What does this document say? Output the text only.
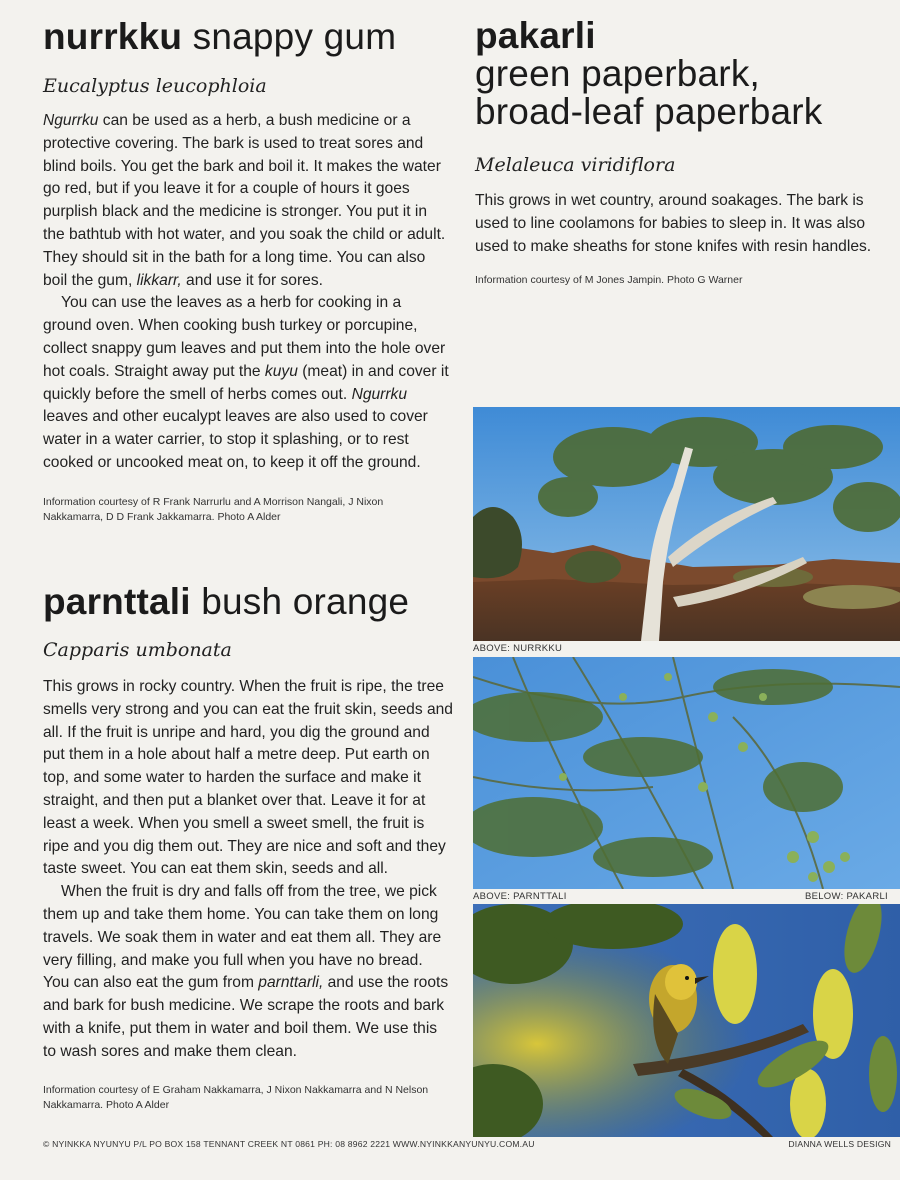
nurrkku snappy gum

Eucalyptus leucophloia

Ngurrku can be used as a herb, a bush medicine or a protective covering. The bark is used to treat sores and blind boils. You get the bark and boil it. It makes the water go red, but if you leave it for a couple of hours it goes purplish black and the medicine is stronger. You put it in the bathtub with hot water, and you soak the child or adult. They should sit in the bath for a long time. You can also boil the gum, likkarr, and use it for sores.

You can use the leaves as a herb for cooking in a ground oven. When cooking bush turkey or porcupine, collect snappy gum leaves and put them into the hole over hot coals. Straight away put the kuyu (meat) in and cover it quickly before the smell of herbs comes out. Ngurrku leaves and other eucalypt leaves are also used to cover water in a water carrier, to stop it splashing, or to rest cooked or uncooked meat on, to keep it off the ground.

Information courtesy of R Frank Narrurlu and A Morrison Nangali, J Nixon Nakkamarra, D D Frank Jakkamarra. Photo A Alder

parnttali bush orange

Capparis umbonata

This grows in rocky country. When the fruit is ripe, the tree smells very strong and you can eat the fruit skin, seeds and all. If the fruit is unripe and hard, you dig the ground and put them in a hole about half a metre deep. Put earth on top, and some water to harden the surface and make it straight, and then put a blanket over that. Leave it for at least a week. When you smell a sweet smell, the fruit is ripe and you dig them out. They are nice and soft and they taste sweet. You can eat them skin, seeds and all.

When the fruit is dry and falls off from the tree, we pick them up and take them home. You can take them on long travels. We soak them in water and eat them all. They are very filling, and make you full when you have no bread. You can also eat the gum from parnttarli, and use the roots and bark for bush medicine. We scrape the roots and bark with a knife, put them in water and boil them. We use this to wash sores and make them clean.

Information courtesy of E Graham Nakkamarra, J Nixon Nakkamarra and N Nelson Nakkamarra. Photo A Alder

pakarli
green paperbark, broad-leaf paperbark

Melaleuca viridiflora

This grows in wet country, around soakages. The bark is used to line coolamons for babies to sleep in. It was also used to make sheaths for stone knifes with resin handles.

Information courtesy of M Jones Jampin. Photo G Warner

ABOVE: NURRKKU
ABOVE: PARNTTALI	BELOW: PAKARLI
© NYINKKA NYUNYU P/L PO BOX 158 TENNANT CREEK NT 0861 PH: 08 8962 2221 WWW.NYINKKANYUNYU.COM.AU	DIANNA WELLS DESIGN
